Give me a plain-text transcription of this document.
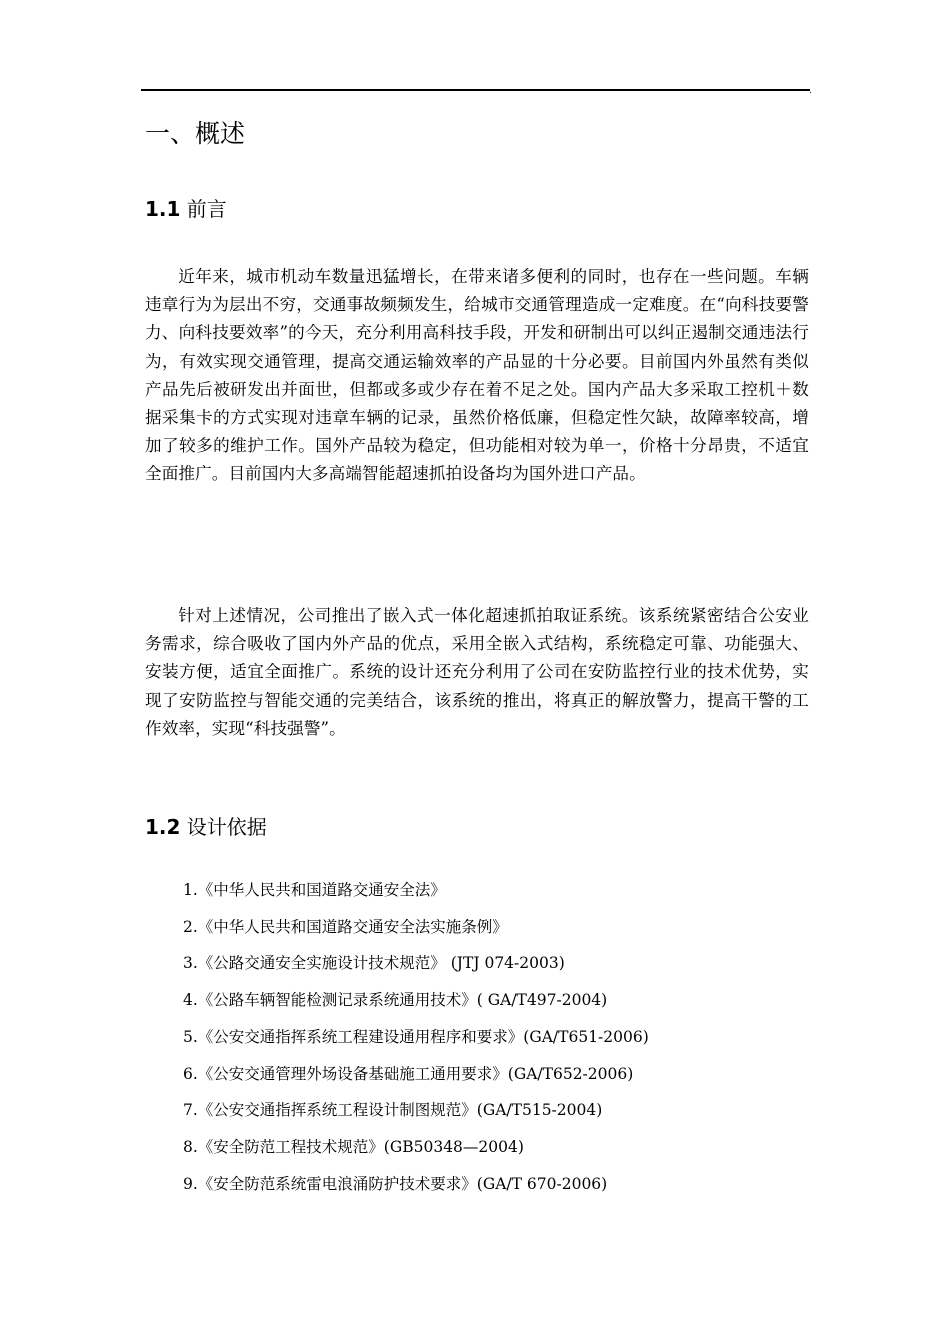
.
一、概述
1.1 前言

近年来，城市机动车数量迅猛增长，在带来诸多便利的同时，也存在一些问题。车辆违章行为为层出不穷，交通事故频频发生，给城市交通管理造成一定难度。在“向科技要警力、向科技要效率”的今天，充分利用高科技手段，开发和研制出可以纠正遏制交通违法行为，有效实现交通管理，提高交通运输效率的产品显的十分必要。目前国内外虽然有类似产品先后被研发出并面世，但都或多或少存在着不足之处。国内产品大多采取工控机＋数据采集卡的方式实现对违章车辆的记录，虽然价格低廉，但稳定性欠缺，故障率较高，增加了较多的维护工作。国外产品较为稳定，但功能相对较为单一，价格十分昂贵，不适宜全面推广。目前国内大多高端智能超速抓拍设备均为国外进口产品。

针对上述情况，公司推出了嵌入式一体化超速抓拍取证系统。该系统紧密结合公安业务需求，综合吸收了国内外产品的优点，采用全嵌入式结构，系统稳定可靠、功能强大、安装方便，适宜全面推广。系统的设计还充分利用了公司在安防监控行业的技术优势，实现了安防监控与智能交通的完美结合，该系统的推出，将真正的解放警力，提高干警的工作效率，实现“科技强警”。

1.2 设计依据
1.《中华人民共和国道路交通安全法》
2.《中华人民共和国道路交通安全法实施条例》
3.《公路交通安全实施设计技术规范》 (JTJ 074-2003)
4.《公路车辆智能检测记录系统通用技术》( GA/T497-2004)
5.《公安交通指挥系统工程建设通用程序和要求》(GA/T651-2006)
6.《公安交通管理外场设备基础施工通用要求》(GA/T652-2006)
7.《公安交通指挥系统工程设计制图规范》(GA/T515-2004)
8.《安全防范工程技术规范》(GB50348—2004)
9.《安全防范系统雷电浪涌防护技术要求》(GA/T 670-2006)
